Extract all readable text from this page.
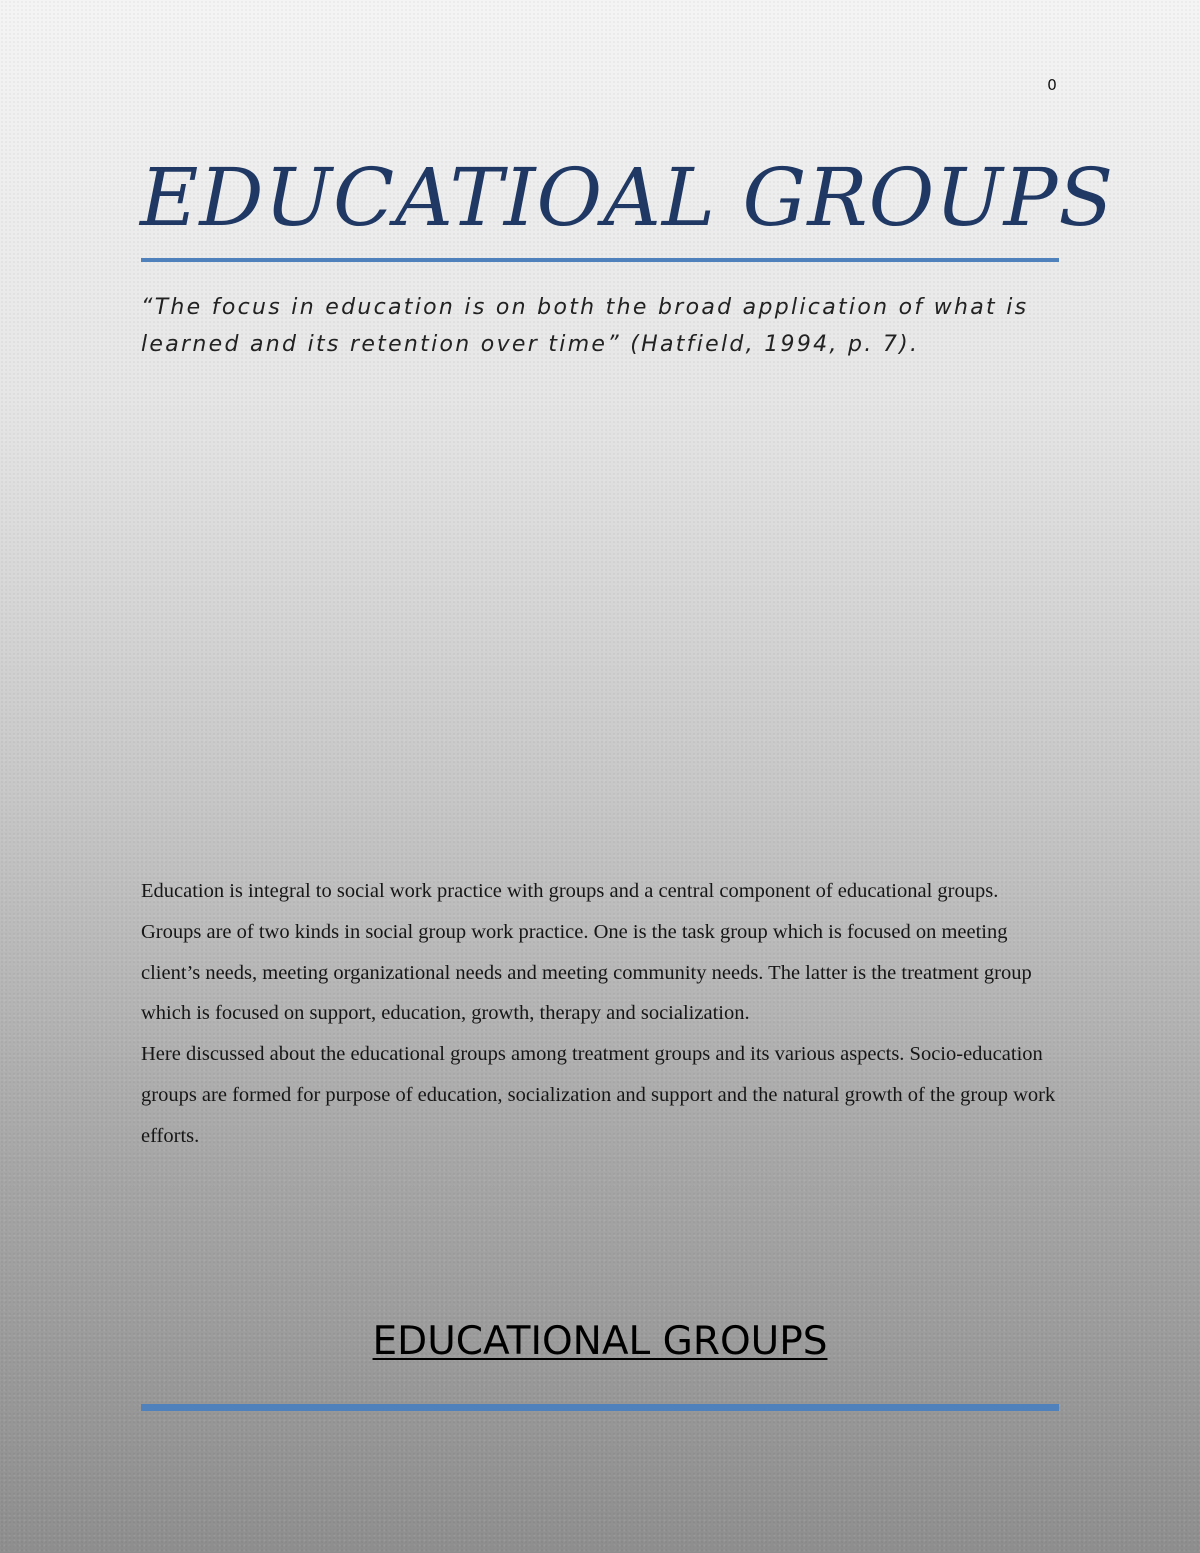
0
EDUCATIOAL GROUPS
“The focus in education is on both the broad application of what is learned and its retention over time” (Hatfield, 1994, p. 7).

Education is integral to social work practice with groups and a central component of educational groups. Groups are of two kinds in social group work practice. One is the task group which is focused on meeting client’s needs, meeting organizational needs and meeting community needs. The latter is the treatment group which is focused on support, education, growth, therapy and socialization.

Here discussed about the educational groups among treatment groups and its various aspects. Socio-education groups are formed for purpose of education, socialization and support and the natural growth of the group work efforts.

EDUCATIONAL GROUPS
